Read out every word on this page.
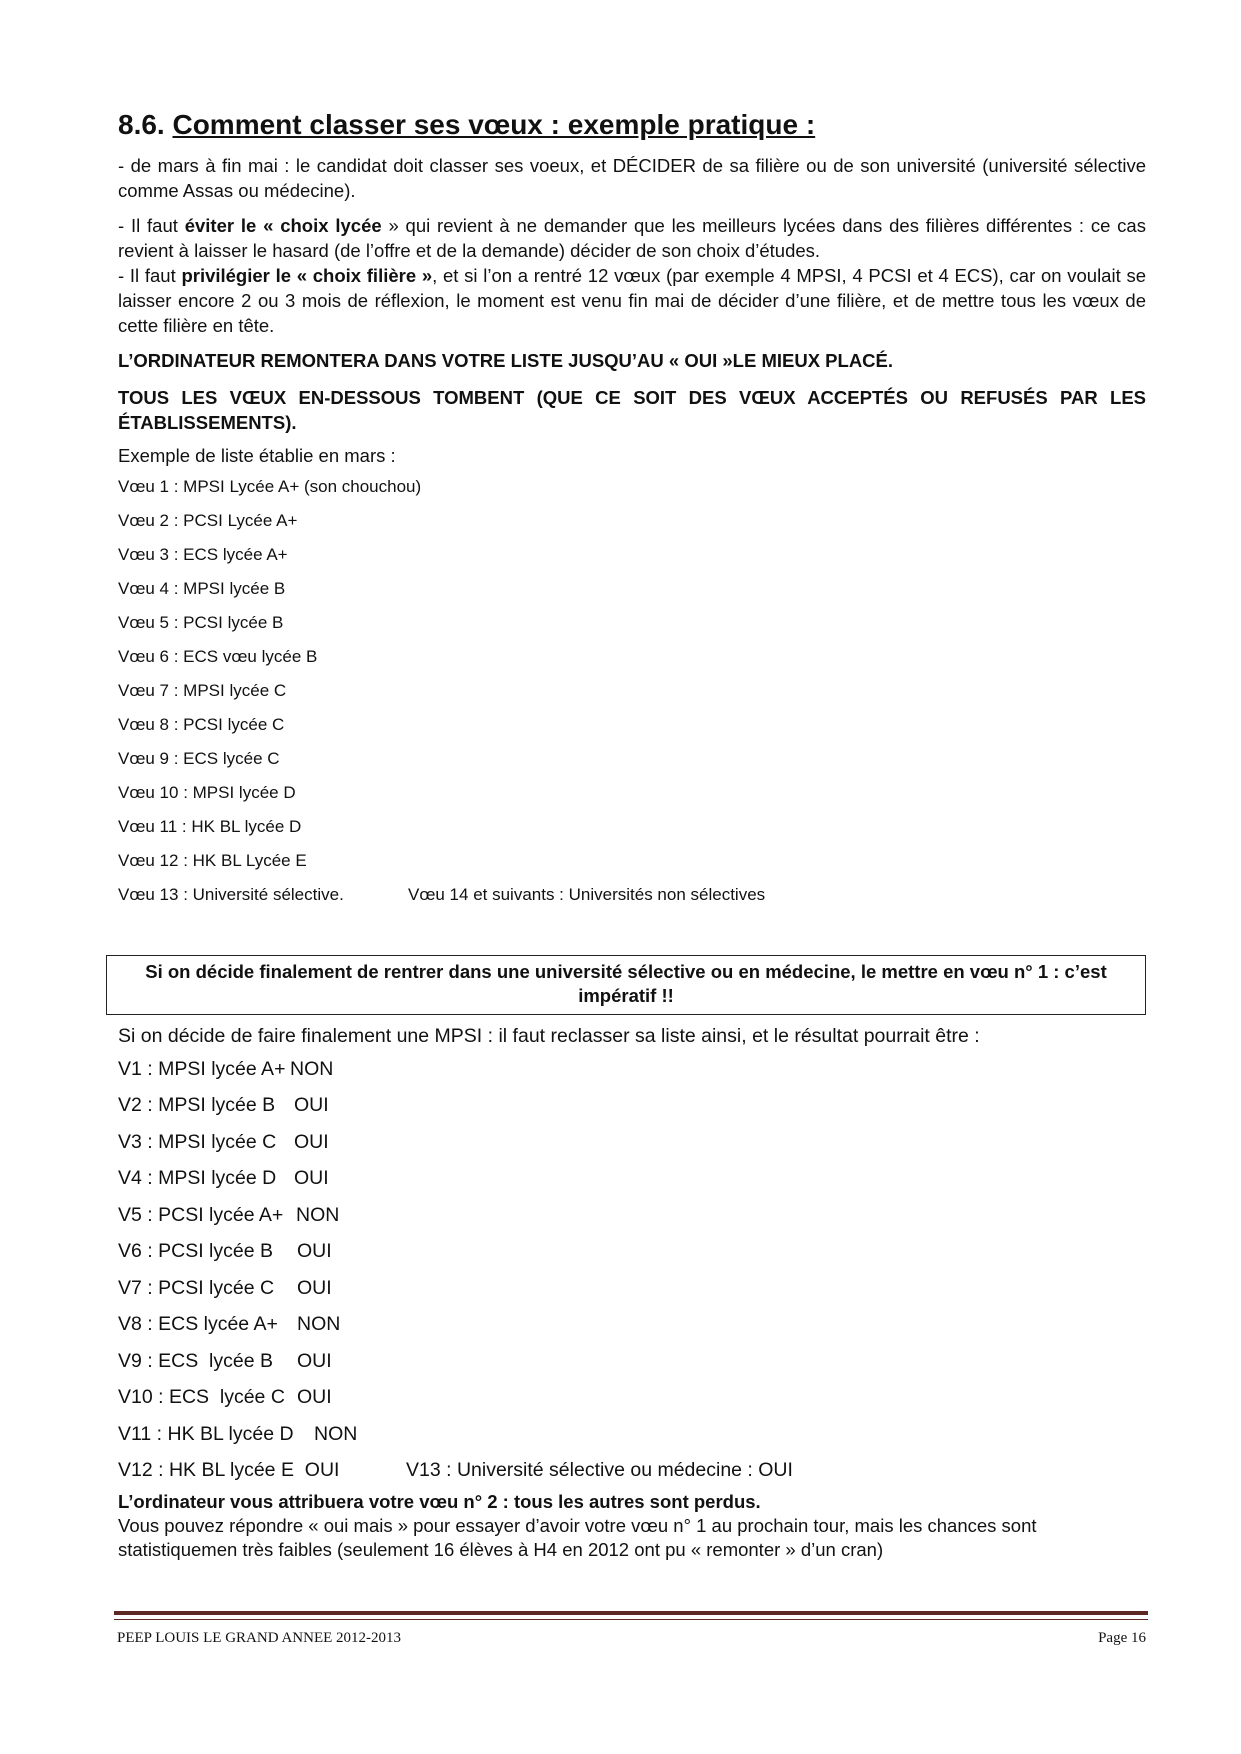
8.6. Comment classer ses vœux : exemple pratique :

- de mars à fin mai : le candidat doit classer ses voeux, et DÉCIDER de sa filière ou de son université (université sélective comme Assas ou médecine).

- Il faut éviter le « choix lycée » qui revient à ne demander que les meilleurs lycées dans des filières différentes : ce cas revient à laisser le hasard (de l’offre et de la demande) décider de son choix d’études.

- Il faut privilégier le « choix filière », et si l’on a rentré 12 vœux (par exemple 4 MPSI, 4 PCSI et 4 ECS), car on voulait se laisser encore 2 ou 3 mois de réflexion, le moment est venu fin mai de décider d’une filière, et de mettre tous les vœux de cette filière en tête.

L’ORDINATEUR REMONTERA DANS VOTRE LISTE JUSQU’AU « OUI »LE MIEUX PLACÉ.

TOUS LES VŒUX EN-DESSOUS TOMBENT (QUE CE SOIT DES VŒUX ACCEPTÉS OU REFUSÉS PAR LES ÉTABLISSEMENTS).

Exemple de liste établie en mars :

Vœu 1 : MPSI Lycée A+ (son chouchou)
Vœu 2 : PCSI Lycée A+
Vœu 3 : ECS lycée A+
Vœu 4 : MPSI lycée B
Vœu 5 : PCSI lycée B
Vœu 6 : ECS vœu lycée B
Vœu 7 : MPSI lycée C
Vœu 8 : PCSI lycée C
Vœu 9 : ECS lycée C
Vœu 10 : MPSI lycée D
Vœu 11 : HK BL lycée D
Vœu 12 : HK BL Lycée E
Vœu 13 : Université sélective.	Vœu 14 et suivants : Universités non sélectives
Si on décide finalement de rentrer dans une université sélective ou en médecine, le mettre en vœu n° 1 : c’est impératif !!

Si on décide de faire finalement une MPSI : il faut reclasser sa liste ainsi, et le résultat pourrait être :

V1 : MPSI lycée A+ NON
V2 : MPSI lycée B OUI
V3 : MPSI lycée C OUI
V4 : MPSI lycée D OUI
V5 : PCSI lycée A+ NON
V6 : PCSI lycée B	OUI
V7 : PCSI lycée C	OUI
V8 : ECS lycée A+ NON
V9 : ECS  lycée B	OUI
V10 : ECS  lycée C OUI
V11 : HK BL lycée D	NON
V12 : HK BL lycée E  OUI	V13 : Université sélective ou médecine : OUI

L’ordinateur vous attribuera votre vœu n° 2 : tous les autres sont perdus.
Vous pouvez répondre « oui mais » pour essayer d’avoir votre vœu n° 1 au prochain tour, mais les chances sont statistiquemen très faibles (seulement 16 élèves à H4 en 2012 ont pu « remonter » d’un cran)

PEEP LOUIS LE GRAND ANNEE 2012-2013	Page 16
